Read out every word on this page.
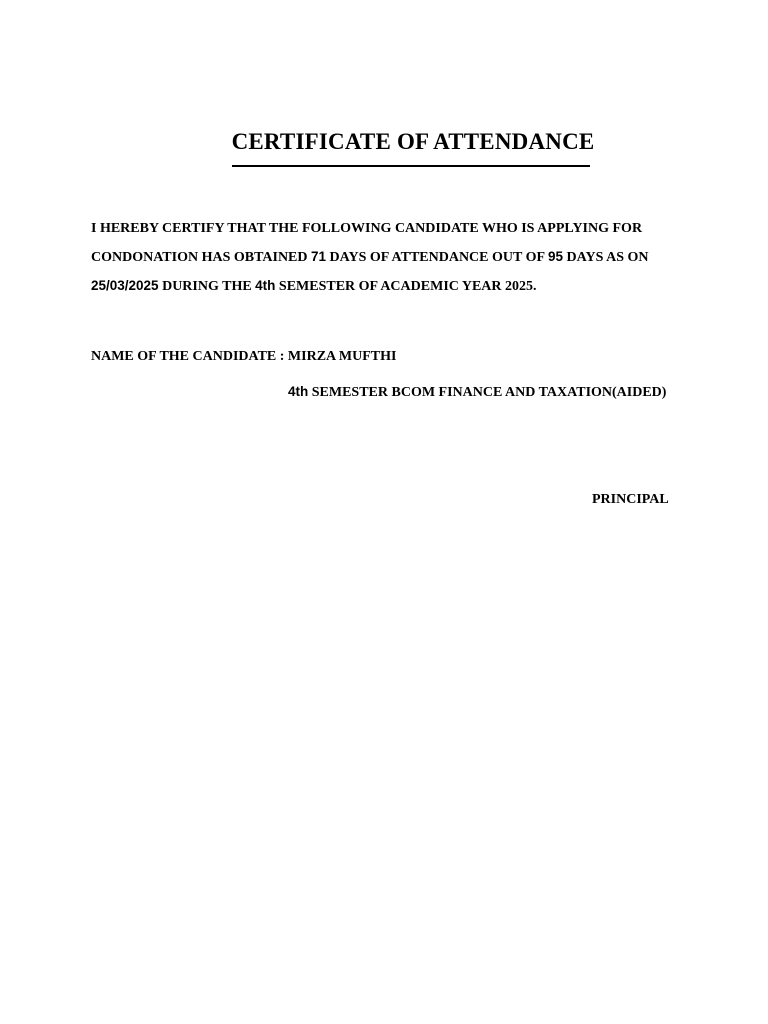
CERTIFICATE OF ATTENDANCE

I HEREBY CERTIFY THAT THE FOLLOWING CANDIDATE WHO IS APPLYING FOR
CONDONATION HAS OBTAINED 71 DAYS OF ATTENDANCE OUT OF 95 DAYS AS ON
25/03/2025 DURING THE 4th SEMESTER OF ACADEMIC YEAR 2025.

NAME OF THE CANDIDATE : MIRZA MUFTHI

4th SEMESTER BCOM FINANCE AND TAXATION(AIDED)

PRINCIPAL
